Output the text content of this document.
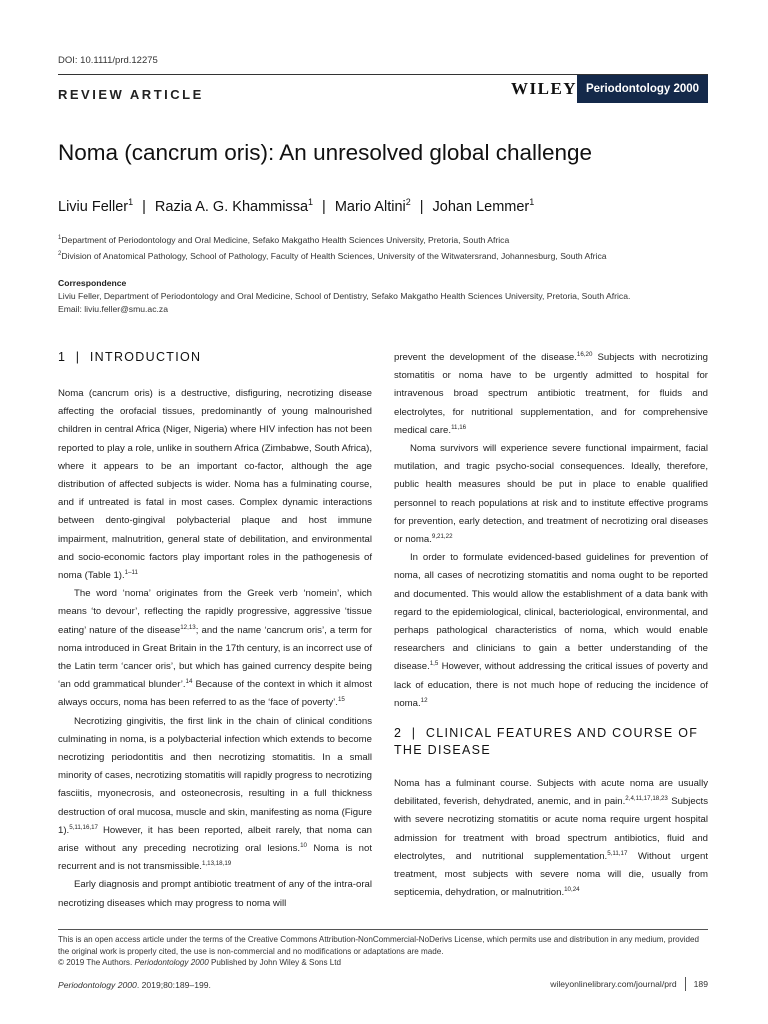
DOI: 10.1111/prd.12275
REVIEW ARTICLE	WILEY Periodontology 2000
Noma (cancrum oris): An unresolved global challenge
Liviu Feller$^1$ | Razia A. G. Khammissa$^1$ | Mario Altini$^2$ | Johan Lemmer$^1$
$^1$Department of Periodontology and Oral Medicine, Sefako Makgatho Health Sciences University, Pretoria, South Africa
$^2$Division of Anatomical Pathology, School of Pathology, Faculty of Health Sciences, University of the Witwatersrand, Johannesburg, South Africa
Correspondence
Liviu Feller, Department of Periodontology and Oral Medicine, School of Dentistry, Sefako Makgatho Health Sciences University, Pretoria, South Africa.
Email: liviu.feller@smu.ac.za
1  |  INTRODUCTION

Noma (cancrum oris) is a destructive, disfiguring, necrotizing disease affecting the orofacial tissues, predominantly of young malnourished children in central Africa (Niger, Nigeria) where HIV infection has not been reported to play a role, unlike in southern Africa (Zimbabwe, South Africa), where it appears to be an important co-factor, although the age distribution of affected subjects is wider. Noma has a fulminating course, and if untreated is fatal in most cases. Complex dynamic interactions between dento-gingival polybacterial plaque and host immune impairment, malnutrition, general state of debilitation, and environmental and socio-economic factors play important roles in the pathogenesis of noma (Table 1).$^{1-11}$

The word ‘noma’ originates from the Greek verb ‘nomein’, which means ‘to devour’, reflecting the rapidly progressive, aggressive ‘tissue eating’ nature of the disease$^{12,13}$; and the name ‘cancrum oris’, a term for noma introduced in Great Britain in the 17th century, is an incorrect use of the Latin term ‘cancer oris’, but which has gained currency despite being ‘an odd grammatical blunder’.$^{14}$ Because of the context in which it almost always occurs, noma has been referred to as the ‘face of poverty’.$^{15}$

Necrotizing gingivitis, the first link in the chain of clinical conditions culminating in noma, is a polybacterial infection which extends to become necrotizing periodontitis and then necrotizing stomatitis. In a small minority of cases, necrotizing stomatitis will rapidly progress to necrotizing fasciitis, myonecrosis, and osteonecrosis, resulting in a full thickness destruction of oral mucosa, muscle and skin, manifesting as noma (Figure 1).$^{5,11,16,17}$ However, it has been reported, albeit rarely, that noma can arise without any preceding necrotizing oral lesions.$^{10}$ Noma is not recurrent and is not transmissible.$^{1,13,18,19}$

Early diagnosis and prompt antibiotic treatment of any of the intra-oral necrotizing diseases which may progress to noma will

prevent the development of the disease.$^{16,20}$ Subjects with necrotizing stomatitis or noma have to be urgently admitted to hospital for intravenous broad spectrum antibiotic treatment, for fluids and electrolytes, for nutritional supplementation, and for comprehensive medical care.$^{11,16}$

Noma survivors will experience severe functional impairment, facial mutilation, and tragic psycho-social consequences. Ideally, therefore, public health measures should be put in place to enable qualified personnel to reach populations at risk and to institute effective programs for prevention, early detection, and treatment of necrotizing oral diseases or noma.$^{9,21,22}$

In order to formulate evidenced-based guidelines for prevention of noma, all cases of necrotizing stomatitis and noma ought to be reported and documented. This would allow the establishment of a data bank with regard to the epidemiological, clinical, bacteriological, environmental, and perhaps pathological characteristics of noma, which would enable researchers and clinicians to gain a better understanding of the disease.$^{1,5}$ However, without addressing the critical issues of poverty and lack of education, there is not much hope of reducing the incidence of noma.$^{12}$

2  |  CLINICAL FEATURES AND COURSE OF
THE DISEASE

Noma has a fulminant course. Subjects with acute noma are usually debilitated, feverish, dehydrated, anemic, and in pain.$^{2,4,11,17,18,23}$ Subjects with severe necrotizing stomatitis or acute noma require urgent hospital admission for treatment with broad spectrum antibiotics, fluid and electrolytes, and nutritional supplementation.$^{5,11,17}$ Without urgent treatment, most subjects with severe noma will die, usually from septicemia, dehydration, or malnutrition.$^{10,24}$

This is an open access article under the terms of the Creative Commons Attribution-NonCommercial-NoDerivs License, which permits use and distribution in any medium, provided the original work is properly cited, the use is non-commercial and no modifications or adaptations are made.
© 2019 The Authors. Periodontology 2000 Published by John Wiley & Sons Ltd
Periodontology 2000. 2019;80:189–199.	wileyonlinelibrary.com/journal/prd 189
